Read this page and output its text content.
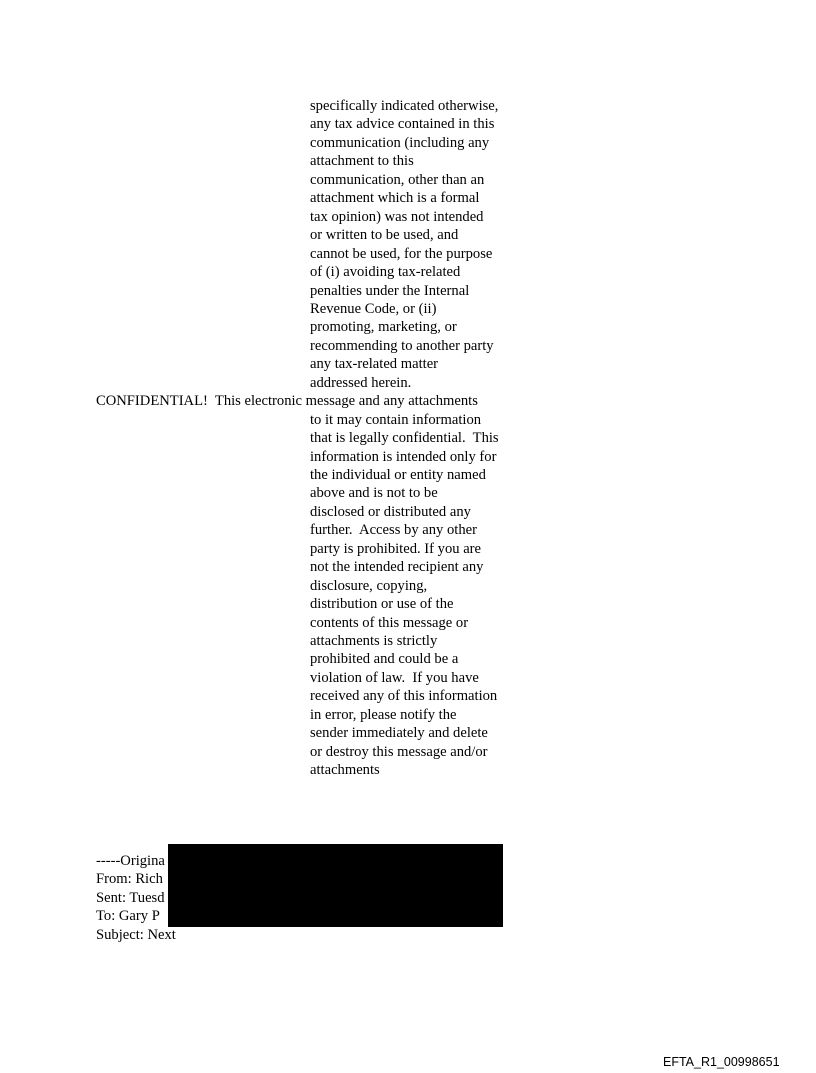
specifically indicated otherwise,
any tax advice contained in this
communication (including any
attachment to this
communication, other than an
attachment which is a formal
tax opinion) was not intended
or written to be used, and
cannot be used, for the purpose
of (i) avoiding tax-related
penalties under the Internal
Revenue Code, or (ii)
promoting, marketing, or
recommending to another party
any tax-related matter
addressed herein.
CONFIDENTIAL!  This electronic message and any attachments
to it may contain information
that is legally confidential.  This
information is intended only for
the individual or entity named
above and is not to be
disclosed or distributed any
further.  Access by any other
party is prohibited. If you are
not the intended recipient any
disclosure, copying,
distribution or use of the
contents of this message or
attachments is strictly
prohibited and could be a
violation of law.  If you have
received any of this information
in error, please notify the
sender immediately and delete
or destroy this message and/or
attachments
-----Origina
From: Rich
Sent: Tuesd
To: Gary P
Subject: Next
EFTA_R1_00998651
